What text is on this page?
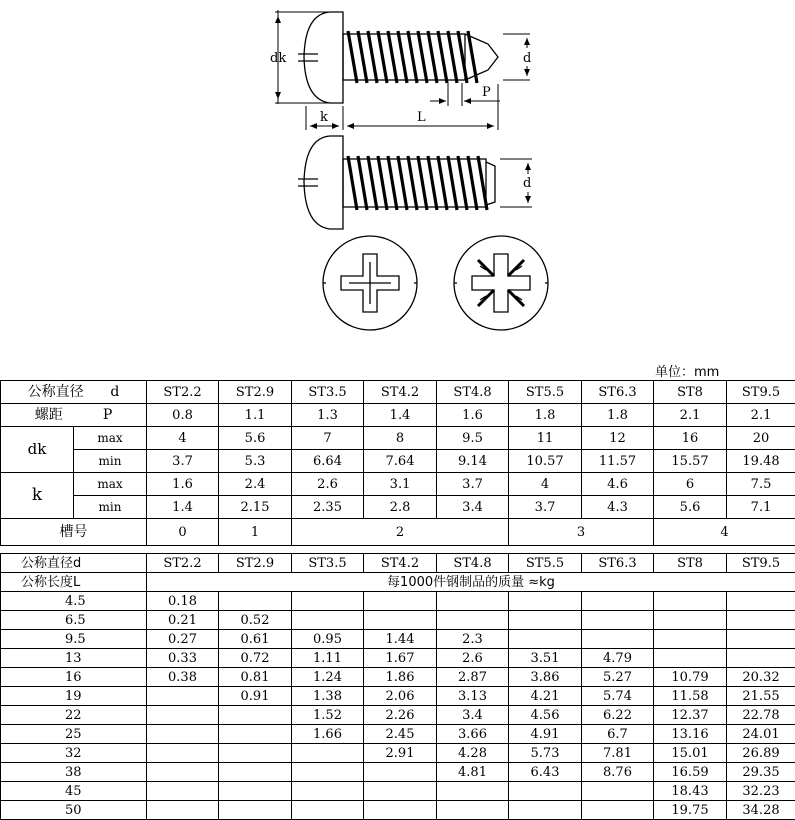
dk	d
P
k	L
d
单位：mm
公称直径 d		ST2.2	ST2.9	ST3.5	ST4.2	ST4.8	ST5.5	ST6.3	ST8	ST9.5
螺距 P		0.8	1.1	1.3	1.4	1.6	1.8	1.8	2.1	2.1
dk	max	4	5.6	7	8	9.5	11	12	16	20
	min	3.7	5.3	6.64	7.64	9.14	10.57	11.57	15.57	19.48
k	max	1.6	2.4	2.6	3.1	3.7	4	4.6	6	7.5
	min	1.4	2.15	2.35	2.8	3.4	3.7	4.3	5.6	7.1
槽号		0	1	2			3		4	
公称直径d	ST2.2	ST2.9	ST3.5	ST4.2	ST4.8	ST5.5	ST6.3	ST8	ST9.5
公称长度L	每1000件钢制品的质量 ≈kg								
4.5	0.18								
6.5	0.21	0.52							
9.5	0.27	0.61	0.95	1.44	2.3				
13	0.33	0.72	1.11	1.67	2.6	3.51	4.79		
16	0.38	0.81	1.24	1.86	2.87	3.86	5.27	10.79	20.32
19		0.91	1.38	2.06	3.13	4.21	5.74	11.58	21.55
22			1.52	2.26	3.4	4.56	6.22	12.37	22.78
25			1.66	2.45	3.66	4.91	6.7	13.16	24.01
32				2.91	4.28	5.73	7.81	15.01	26.89
38					4.81	6.43	8.76	16.59	29.35
45								18.43	32.23
50								19.75	34.28
